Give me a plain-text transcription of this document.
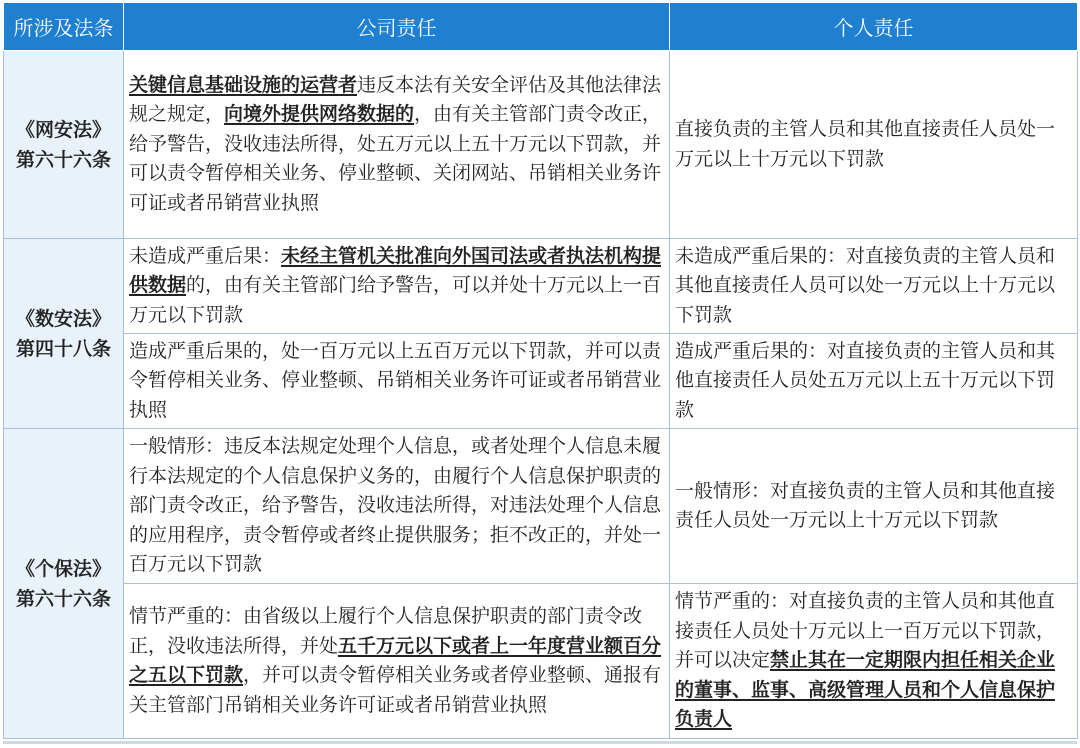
所涉及法条	公司责任	个人责任

《网安法》
第六十六条	关键信息基础设施的运营者违反本法有关安全评估及其他法律法规之规定，向境外提供网络数据的，由有关主管部门责令改正，给予警告，没收违法所得，处五万元以上五十万元以下罚款，并可以责令暂停相关业务、停业整顿、关闭网站、吊销相关业务许可证或者吊销营业执照	直接负责的主管人员和其他直接责任人员处一万元以上十万元以下罚款

《数安法》
第四十八条	未造成严重后果：未经主管机关批准向外国司法或者执法机构提供数据的，由有关主管部门给予警告，可以并处十万元以上一百万元以下罚款	未造成严重后果的：对直接负责的主管人员和其他直接责任人员可以处一万元以上十万元以下罚款
	造成严重后果的，处一百万元以上五百万元以下罚款，并可以责令暂停相关业务、停业整顿、吊销相关业务许可证或者吊销营业执照	造成严重后果的：对直接负责的主管人员和其他直接责任人员处五万元以上五十万元以下罚款

《个保法》
第六十六条	一般情形：违反本法规定处理个人信息，或者处理个人信息未履行本法规定的个人信息保护义务的，由履行个人信息保护职责的部门责令改正，给予警告，没收违法所得，对违法处理个人信息的应用程序，责令暂停或者终止提供服务；拒不改正的，并处一百万元以下罚款	一般情形：对直接负责的主管人员和其他直接责任人员处一万元以上十万元以下罚款
	情节严重的：由省级以上履行个人信息保护职责的部门责令改正，没收违法所得，并处五千万元以下或者上一年度营业额百分之五以下罚款，并可以责令暂停相关业务或者停业整顿、通报有关主管部门吊销相关业务许可证或者吊销营业执照	情节严重的：对直接负责的主管人员和其他直接责任人员处十万元以上一百万元以下罚款，并可以决定禁止其在一定期限内担任相关企业的董事、监事、高级管理人员和个人信息保护负责人
